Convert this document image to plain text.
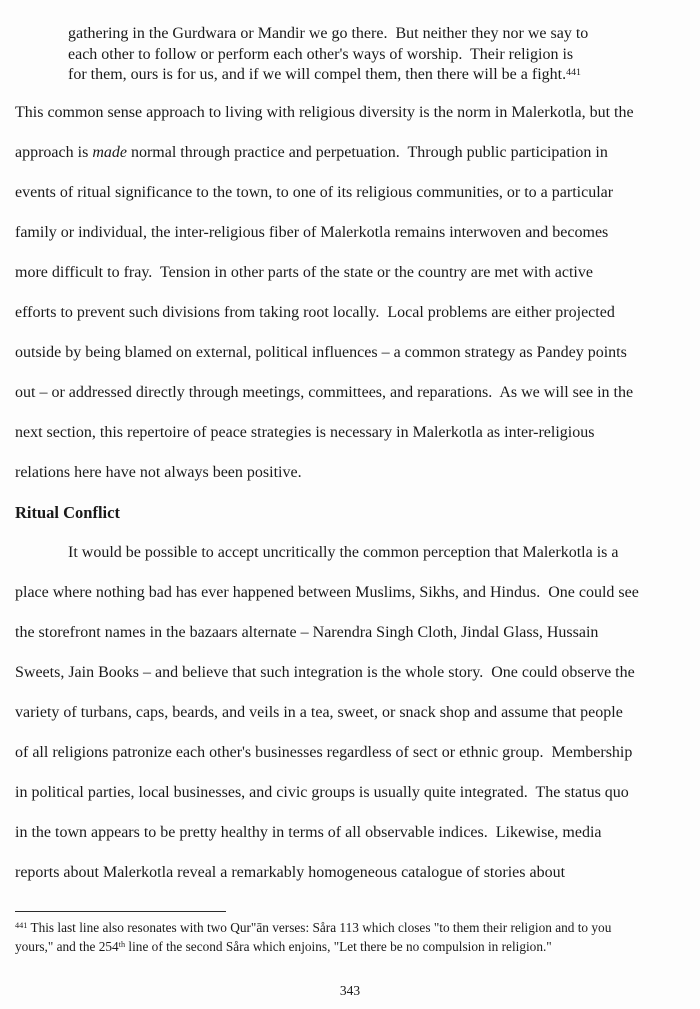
gathering in the Gurdwara or Mandir we go there.  But neither they nor we say to
each other to follow or perform each other's ways of worship.  Their religion is
for them, ours is for us, and if we will compel them, then there will be a fight.$^{441}$
This common sense approach to living with religious diversity is the norm in Malerkotla, but the
approach is made normal through practice and perpetuation.  Through public participation in
events of ritual significance to the town, to one of its religious communities, or to a particular
family or individual, the inter-religious fiber of Malerkotla remains interwoven and becomes
more difficult to fray.  Tension in other parts of the state or the country are met with active
efforts to prevent such divisions from taking root locally.  Local problems are either projected
outside by being blamed on external, political influences – a common strategy as Pandey points
out – or addressed directly through meetings, committees, and reparations.  As we will see in the
next section, this repertoire of peace strategies is necessary in Malerkotla as inter-religious
relations here have not always been positive.
Ritual Conflict
	It would be possible to accept uncritically the common perception that Malerkotla is a
place where nothing bad has ever happened between Muslims, Sikhs, and Hindus.  One could see
the storefront names in the bazaars alternate – Narendra Singh Cloth, Jindal Glass, Hussain
Sweets, Jain Books – and believe that such integration is the whole story.  One could observe the
variety of turbans, caps, beards, and veils in a tea, sweet, or snack shop and assume that people
of all religions patronize each other's businesses regardless of sect or ethnic group.  Membership
in political parties, local businesses, and civic groups is usually quite integrated.  The status quo
in the town appears to be pretty healthy in terms of all observable indices.  Likewise, media
reports about Malerkotla reveal a remarkably homogeneous catalogue of stories about
$^{441}$ This last line also resonates with two Qur"ān verses: Såra 113 which closes "to them their religion and to you
yours," and the 254th line of the second Såra which enjoins, "Let there be no compulsion in religion."
343
